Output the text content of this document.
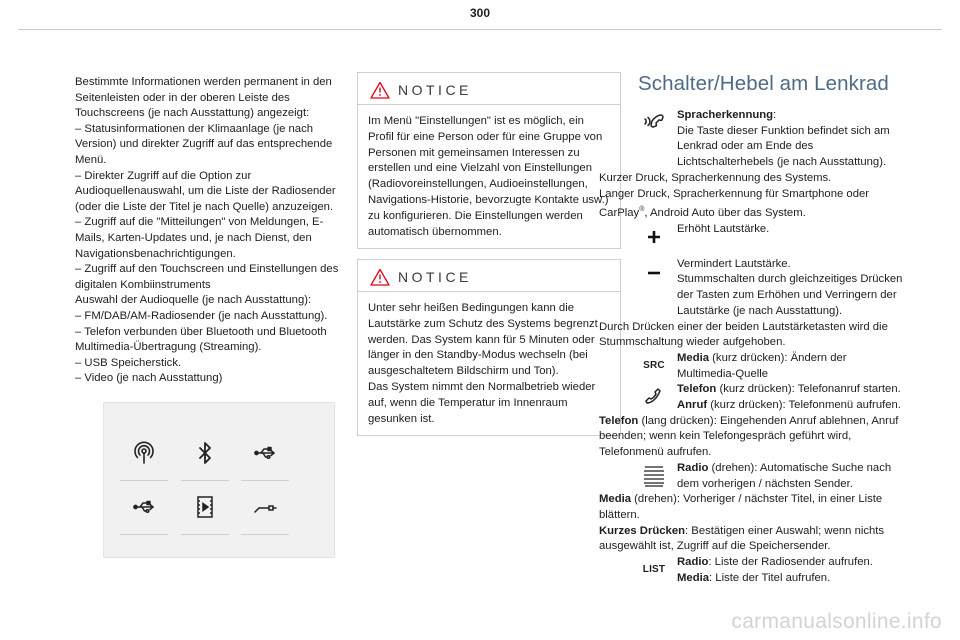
300

Bestimmte Informationen werden permanent in den Seitenleisten oder in der oberen Leiste des Touchscreens (je nach Ausstattung) angezeigt:

– Statusinformationen der Klimaanlage (je nach Version) und direkter Zugriff auf das entsprechende Menü.

– Direkter Zugriff auf die Option zur Audioquellenauswahl, um die Liste der Radiosender (oder die Liste der Titel je nach Quelle) anzuzeigen.

– Zugriff auf die "Mitteilungen" von Meldungen, E-Mails, Karten-Updates und, je nach Dienst, den Navigationsbenachrichtigungen.

– Zugriff auf den Touchscreen und Einstellungen des digitalen Kombiinstruments

Auswahl der Audioquelle (je nach Ausstattung):

– FM/DAB/AM-Radiosender (je nach Ausstattung).

– Telefon verbunden über Bluetooth und Bluetooth Multimedia-Übertragung (Streaming).

– USB Speicherstick.

– Video (je nach Ausstattung)

NOTICE
Im Menü "Einstellungen" ist es möglich, ein Profil für eine Person oder für eine Gruppe von Personen mit gemeinsamen Interessen zu erstellen und eine Vielzahl von Einstellungen (Radiovoreinstellungen, Audioeinstellungen, Navigations-Historie, bevorzugte Kontakte usw.) zu konfigurieren. Die Einstellungen werden automatisch übernommen.
NOTICE
Unter sehr heißen Bedingungen kann die Lautstärke zum Schutz des Systems begrenzt werden. Das System kann für 5 Minuten oder länger in den Standby-Modus wechseln (bei ausgeschaltetem Bildschirm und Ton).
Das System nimmt den Normalbetrieb wieder auf, wenn die Temperatur im Innenraum gesunken ist.
Schalter/Hebel am Lenkrad
Spracherkennung:
Die Taste dieser Funktion befindet sich am Lenkrad oder am Ende des Lichtschalterhebels (je nach Ausstattung).
Kurzer Druck, Spracherkennung des Systems.
Langer Druck, Spracherkennung für Smartphone oder CarPlay®, Android Auto über das System.
Erhöht Lautstärke.
Vermindert Lautstärke.
Stummschalten durch gleichzeitiges Drücken der Tasten zum Erhöhen und Verringern der Lautstärke (je nach Ausstattung).
Durch Drücken einer der beiden Lautstärketasten wird die Stummschaltung wieder aufgehoben.
SRC
Media (kurz drücken): Ändern der Multimedia-Quelle
Telefon (kurz drücken): Telefonanruf starten.
Anruf (kurz drücken): Telefonmenü aufrufen.
Telefon (lang drücken): Eingehenden Anruf ablehnen, Anruf beenden; wenn kein Telefongespräch geführt wird, Telefonmenü aufrufen.
Radio (drehen): Automatische Suche nach dem vorherigen / nächsten Sender.
Media (drehen): Vorheriger / nächster Titel, in einer Liste blättern.
Kurzes Drücken: Bestätigen einer Auswahl; wenn nichts ausgewählt ist, Zugriff auf die Speichersender.
LIST
Radio: Liste der Radiosender aufrufen.
Media: Liste der Titel aufrufen.
carmanualsonline.info
